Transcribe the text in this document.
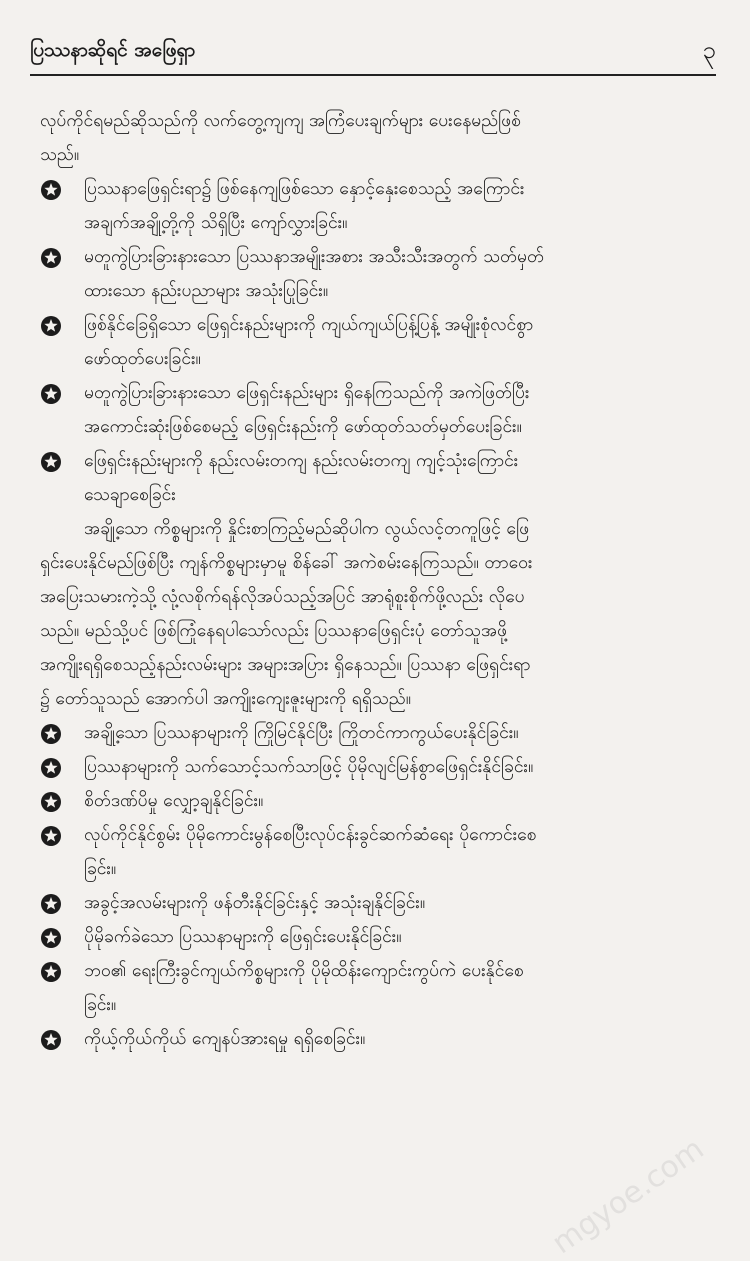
ပြဿနာဆိုရင် အဖြေရှာ	၃
လုပ်ကိုင်ရမည်ဆိုသည်ကို လက်တွေ့ကျကျ အကြံပေးချက်များ ပေးနေမည်ဖြစ်
သည်။
ပြဿနာဖြေရှင်းရာ၌ ဖြစ်နေကျဖြစ်သော နှောင့်နှေးစေသည့် အကြောင်း
အချက်အချို့တို့ကို သိရှိပြီး ကျော်လွှားခြင်း။
မတူကွဲပြားခြားနားသော ပြဿနာအမျိုးအစား အသီးသီးအတွက် သတ်မှတ်
ထားသော နည်းပညာများ အသုံးပြုခြင်း။
ဖြစ်နိုင်ခြေရှိသော ဖြေရှင်းနည်းများကို ကျယ်ကျယ်ပြန့်ပြန့် အမျိုးစုံလင်စွာ
ဖော်ထုတ်ပေးခြင်း။
မတူကွဲပြားခြားနားသော ဖြေရှင်းနည်းများ ရှိနေကြသည်ကို အကဲဖြတ်ပြီး
အကောင်းဆုံးဖြစ်စေမည့် ဖြေရှင်းနည်းကို ဖော်ထုတ်သတ်မှတ်ပေးခြင်း။
ဖြေရှင်းနည်းများကို နည်းလမ်းတကျ နည်းလမ်းတကျ ကျင့်သုံးကြောင်း
သေချာစေခြင်း
အချို့သော ကိစ္စများကို နှိုင်းစာကြည့်မည်ဆိုပါက လွယ်လင့်တကူဖြင့် ဖြေ
ရှင်းပေးနိုင်မည်ဖြစ်ပြီး ကျန်ကိစ္စများမှာမူ စိန်ခေါ် အကဲစမ်းနေကြသည်။ တာဝေး
အပြေးသမားကဲ့သို့ လုံ့လစိုက်ရန်လိုအပ်သည့်အပြင် အာရုံစူးစိုက်ဖို့လည်း လိုပေ
သည်။ မည်သို့ပင် ဖြစ်ကြုံနေရပါသော်လည်း ပြဿနာဖြေရှင်းပုံ တော်သူအဖို့
အကျိုးရရှိစေသည့်နည်းလမ်းများ အများအပြား ရှိနေသည်။ ပြဿနာ ဖြေရှင်းရာ
၌ တော်သူသည် အောက်ပါ အကျိုးကျေးဇူးများကို ရရှိသည်။
အချို့သော ပြဿနာများကို ကြိုမြင်နိုင်ပြီး ကြိုတင်ကာကွယ်ပေးနိုင်ခြင်း။
ပြဿနာများကို သက်သောင့်သက်သာဖြင့် ပိုမိုလျင်မြန်စွာဖြေရှင်းနိုင်ခြင်း။
စိတ်ဒဏ်ပိမှု လျှော့ချနိုင်ခြင်း။
လုပ်ကိုင်နိုင်စွမ်း ပိုမိုကောင်းမွန်စေပြီးလုပ်ငန်းခွင်ဆက်ဆံရေး ပိုကောင်းစေ
ခြင်း။
အခွင့်အလမ်းများကို ဖန်တီးနိုင်ခြင်းနှင့် အသုံးချနိုင်ခြင်း။
ပိုမိုခက်ခဲသော ပြဿနာများကို ဖြေရှင်းပေးနိုင်ခြင်း။
ဘဝ၏ ရေးကြီးခွင်ကျယ်ကိစ္စများကို ပိုမိုထိန်းကျောင်းကွပ်ကဲ ပေးနိုင်စေ
ခြင်း။
ကိုယ့်ကိုယ်ကိုယ် ကျေနပ်အားရမှု ရရှိစေခြင်း။
mgyoe.com
